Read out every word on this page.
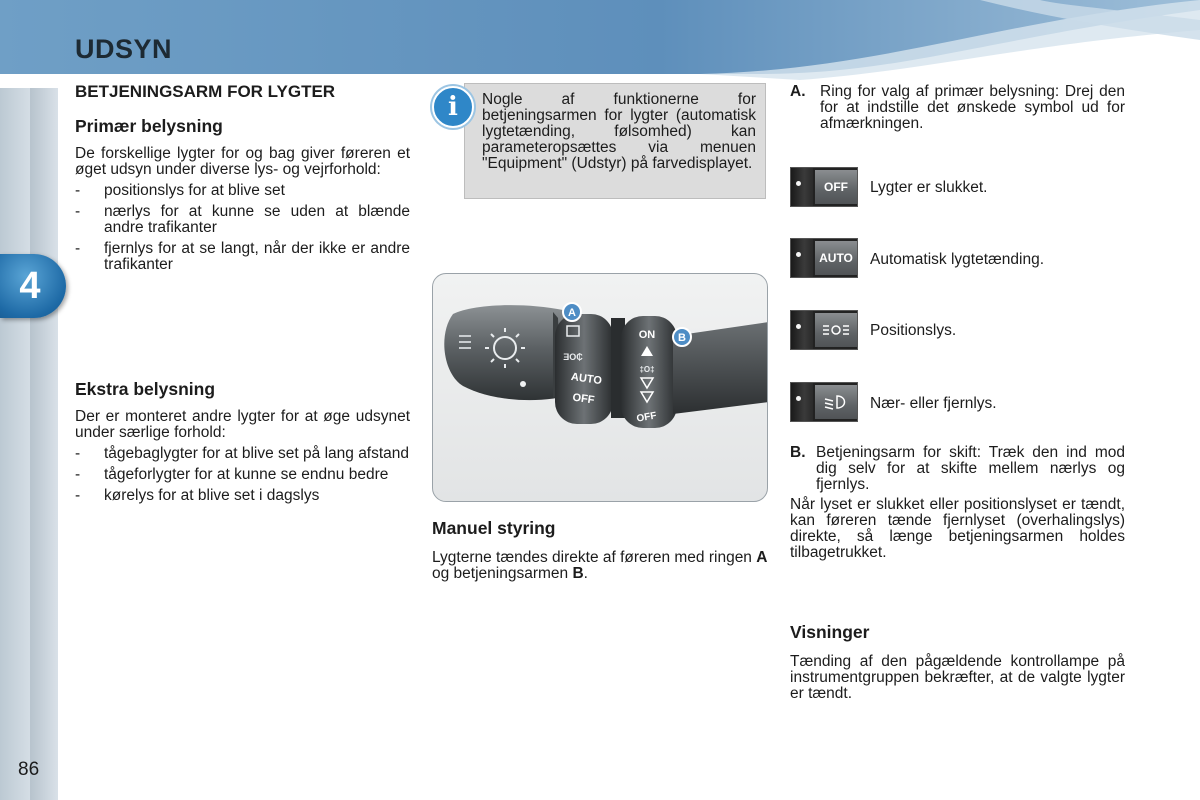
UDSYN
4
86
BETJENINGSARM FOR LYGTER
Primær belysning

De forskellige lygter for og bag giver føreren et øget udsyn under diverse lys- og vejrforhold:

- positionslys for at blive set
- nærlys for at kunne se uden at blænde andre trafikanter
- fjernlys for at se langt, når der ikke er andre trafikanter
Ekstra belysning

Der er monteret andre lygter for at øge udsynet under særlige forhold:

- tågebaglygter for at blive set på lang afstand
- tågeforlygter for at kunne se endnu bedre
- kørelys for at blive set i dagslys
i	Nogle af funktionerne for betjeningsarmen for lygter (automatisk lygtetænding, følsomhed) kan parameteropsættes via menuen "Equipment" (Udstyr) på farvedisplayet.
ƎO₵
AUTO
OFF
ON
‡O‡
OFF
A
B
Manuel styring

Lygterne tændes direkte af føreren med ringen A og betjeningsarmen B.

A. Ring for valg af primær belysning: Drej den for at indstille det ønskede symbol ud for afmærkningen.
OFF	Lygter er slukket.
AUTO Automatisk lygtetænding.
Positionslys.
Nær- eller fjernlys.
B. Betjeningsarm for skift: Træk den ind mod dig selv for at skifte mellem nærlys og fjernlys.

Når lyset er slukket eller positionslyset er tændt, kan føreren tænde fjernlyset (overhalingslys) direkte, så længe betjeningsarmen holdes tilbagetrukket.

Visninger

Tænding af den pågældende kontrollampe på instrumentgruppen bekræfter, at de valgte lygter er tændt.
